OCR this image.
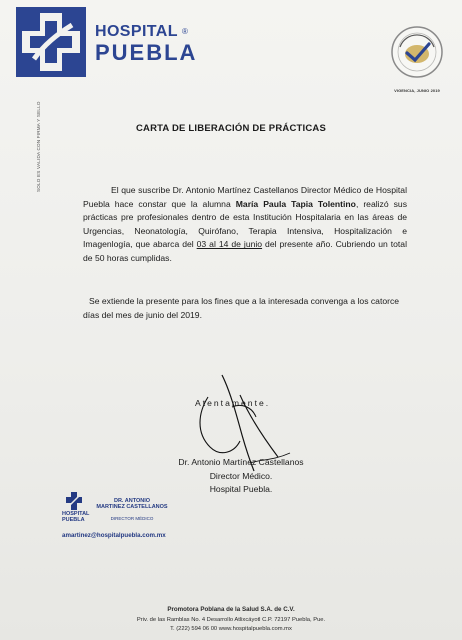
HOSPITAL
PUEBLA
®
VIGENCIA, JUNIO 2019
SOLO ES VALIDA CON FIRMA Y SELLO	CARTA DE LIBERACIÓN DE PRÁCTICAS
El que suscribe Dr. Antonio Martínez Castellanos Director Médico de Hospital Puebla hace constar que la alumna María Paula Tapia Tolentino, realizó sus prácticas pre profesionales dentro de esta Institución Hospitalaria en las áreas de Urgencias, Neonatología, Quirófano, Terapia Intensiva, Hospitalización e Imagenlogía, que abarca del 03 al 14 de junio del presente año. Cubriendo un total de 50 horas cumplidas.
Se extiende la presente para los fines que a la interesada convenga a los catorce días del mes de junio del 2019.
Atentamente.
Dr. Antonio Martínez Castellanos
Director Médico.
Hospital Puebla.
HOSPITAL
PUEBLA
DR. ANTONIO
MARTINEZ CASTELLANOS
DIRECTOR MÉDICO
amartinez@hospitalpuebla.com.mx
Promotora Poblana de la Salud S.A. de C.V.
Priv. de las Ramblas No. 4 Desarrollo Atlixcáyotl C.P. 72197 Puebla, Pue.
T. (222) 594 06 00 www.hospitalpuebla.com.mx
